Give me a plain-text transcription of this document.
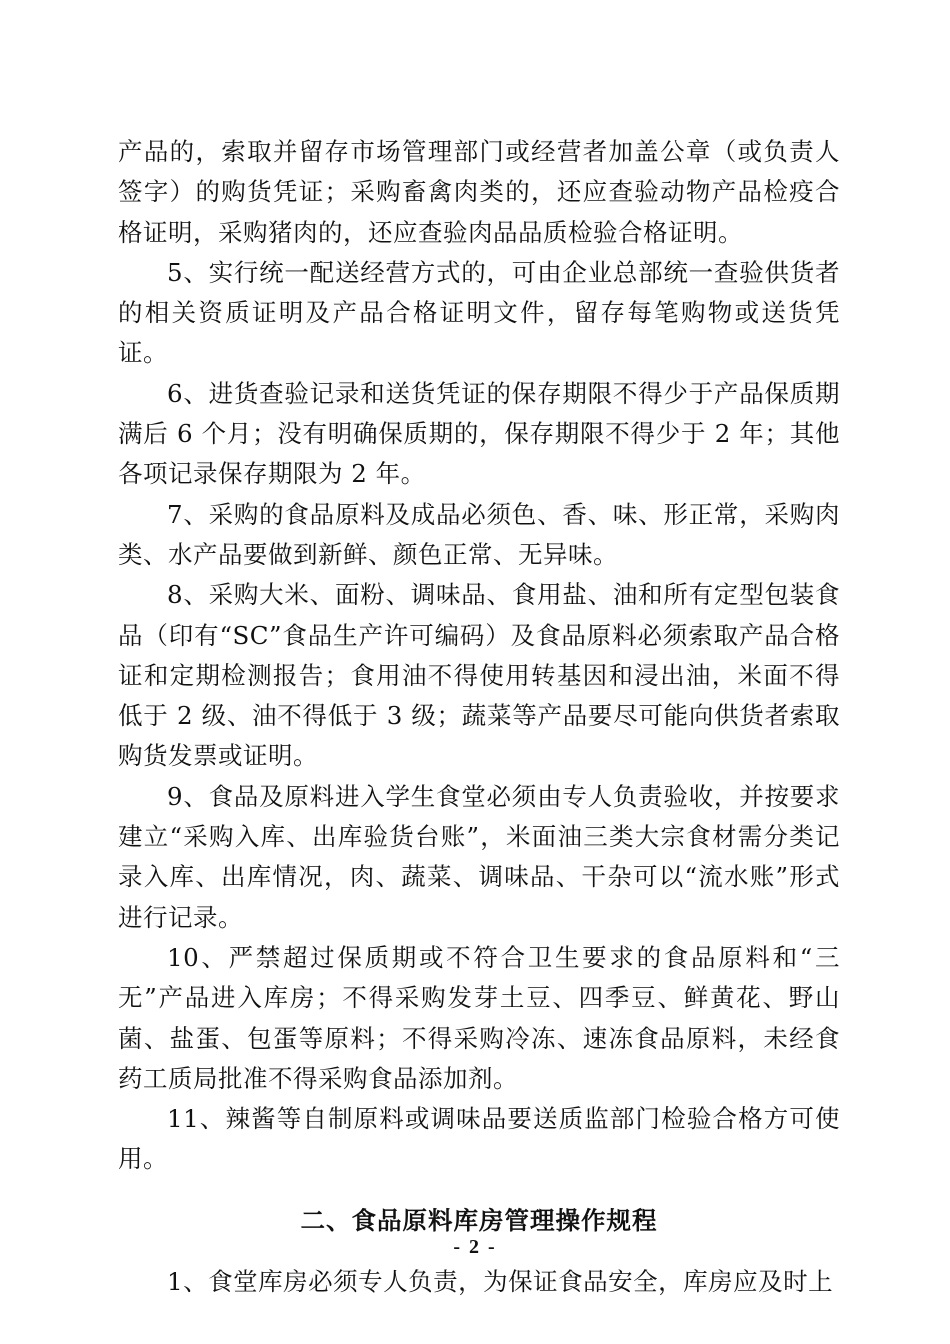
产品的，索取并留存市场管理部门或经营者加盖公章（或负责人签字）的购货凭证；采购畜禽肉类的，还应查验动物产品检疫合格证明，采购猪肉的，还应查验肉品品质检验合格证明。

5、实行统一配送经营方式的，可由企业总部统一查验供货者的相关资质证明及产品合格证明文件，留存每笔购物或送货凭证。

6、进货查验记录和送货凭证的保存期限不得少于产品保质期满后 6 个月；没有明确保质期的，保存期限不得少于 2 年；其他各项记录保存期限为 2 年。

7、采购的食品原料及成品必须色、香、味、形正常，采购肉类、水产品要做到新鲜、颜色正常、无异味。

8、采购大米、面粉、调味品、食用盐、油和所有定型包装食品（印有“SC”食品生产许可编码）及食品原料必须索取产品合格证和定期检测报告；食用油不得使用转基因和浸出油，米面不得低于 2 级、油不得低于 3 级；蔬菜等产品要尽可能向供货者索取购货发票或证明。

9、食品及原料进入学生食堂必须由专人负责验收，并按要求建立“采购入库、出库验货台账”，米面油三类大宗食材需分类记录入库、出库情况，肉、蔬菜、调味品、干杂可以“流水账”形式进行记录。

10、严禁超过保质期或不符合卫生要求的食品原料和“三无”产品进入库房；不得采购发芽土豆、四季豆、鲜黄花、野山菌、盐蛋、包蛋等原料；不得采购冷冻、速冻食品原料，未经食药工质局批准不得采购食品添加剂。

11、辣酱等自制原料或调味品要送质监部门检验合格方可使用。

二、食品原料库房管理操作规程

1、食堂库房必须专人负责，为保证食品安全，库房应及时上

- 2 -
